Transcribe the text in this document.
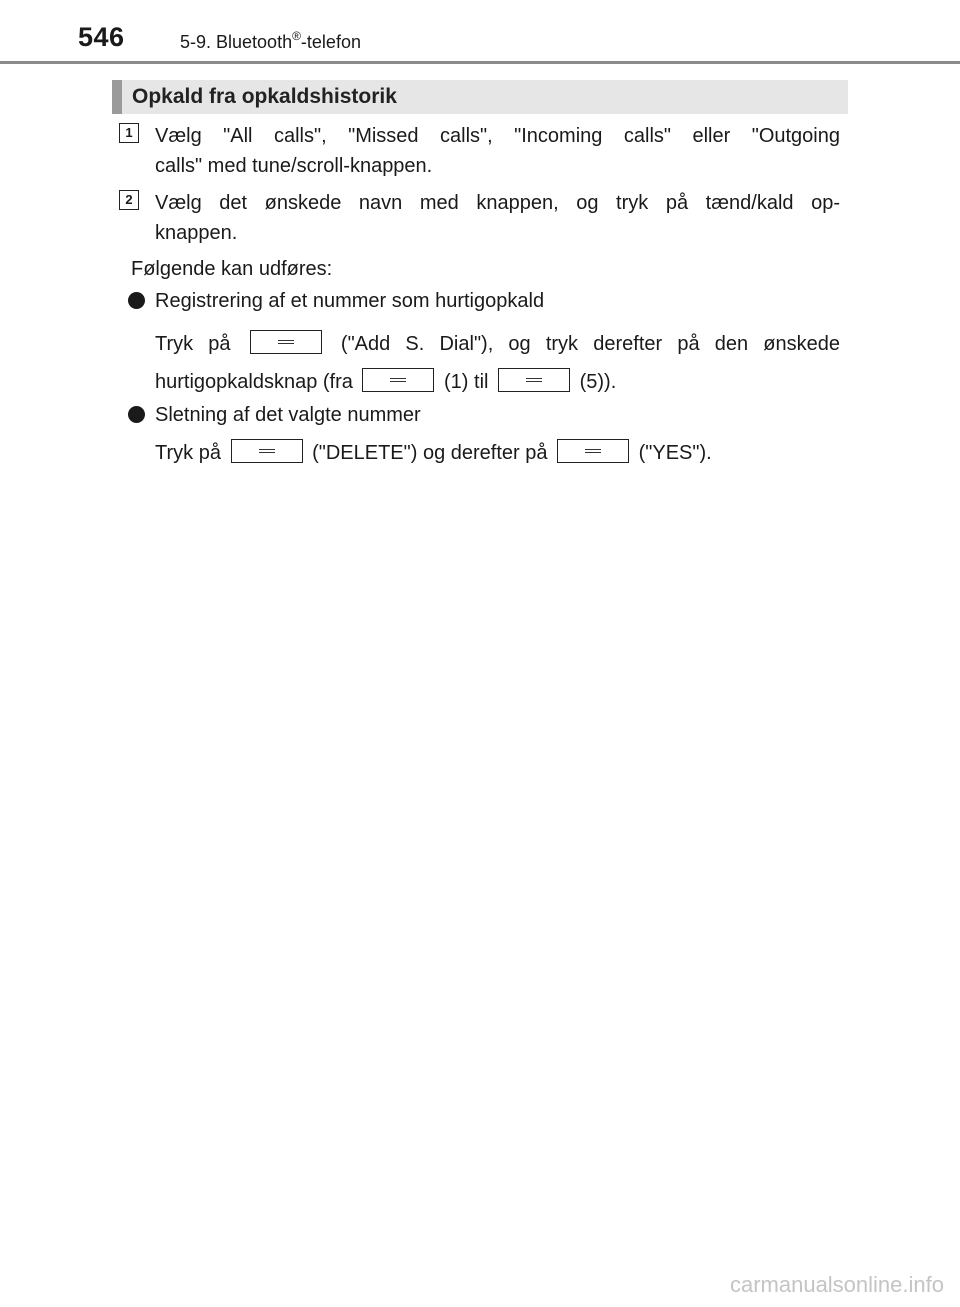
546	5-9. Bluetooth®-telefon
Opkald fra opkaldshistorik
1	Vælg "All calls", "Missed calls", "Incoming calls" eller "Outgoing
calls" med tune/scroll-knappen.
2	Vælg det ønskede navn med knappen, og tryk på tænd/kald op-
knappen.
Følgende kan udføres:
Registrering af et nummer som hurtigopkald
Tryk på	("Add S. Dial"), og tryk derefter på den ønskede
hurtigopkaldsknap (fra	(1) til	(5)).
Sletning af det valgte nummer
Tryk på	("DELETE") og derefter på	("YES").
carmanualsonline.info
